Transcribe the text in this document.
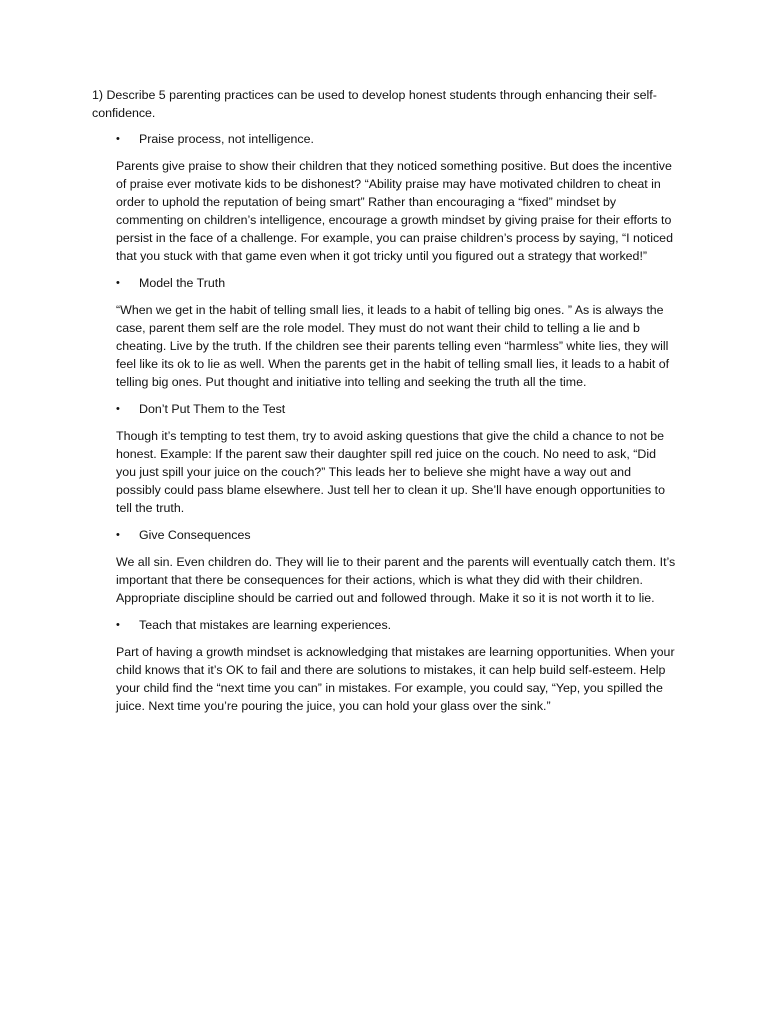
1) Describe 5 parenting practices can be used to develop honest students through enhancing their self-confidence.

• Praise process, not intelligence.

Parents give praise to show their children that they noticed something positive. But does the incentive of praise ever motivate kids to be dishonest? “Ability praise may have motivated children to cheat in order to uphold the reputation of being smart” Rather than encouraging a “fixed” mindset by commenting on children’s intelligence, encourage a growth mindset by giving praise for their efforts to persist in the face of a challenge. For example, you can praise children’s process by saying, “I noticed that you stuck with that game even when it got tricky until you figured out a strategy that worked!”

• Model the Truth

“When we get in the habit of telling small lies, it leads to a habit of telling big ones. ” As is always the case, parent them self are the role model. They must do not want their child to telling a lie and b cheating. Live by the truth. If the children see their parents telling even “harmless” white lies, they will feel like its ok to lie as well. When the parents get in the habit of telling small lies, it leads to a habit of telling big ones. Put thought and initiative into telling and seeking the truth all the time.

• Don’t Put Them to the Test

Though it’s tempting to test them, try to avoid asking questions that give the child a chance to not be honest. Example: If the parent saw their daughter spill red juice on the couch. No need to ask, “Did you just spill your juice on the couch?” This leads her to believe she might have a way out and possibly could pass blame elsewhere. Just tell her to clean it up. She’ll have enough opportunities to tell the truth.

• Give Consequences

We all sin. Even children do. They will lie to their parent and the parents will eventually catch them. It’s important that there be consequences for their actions, which is what they did with their children. Appropriate discipline should be carried out and followed through. Make it so it is not worth it to lie.

• Teach that mistakes are learning experiences.

Part of having a growth mindset is acknowledging that mistakes are learning opportunities. When your child knows that it’s OK to fail and there are solutions to mistakes, it can help build self-esteem. Help your child find the “next time you can” in mistakes. For example, you could say, “Yep, you spilled the juice. Next time you’re pouring the juice, you can hold your glass over the sink.”
